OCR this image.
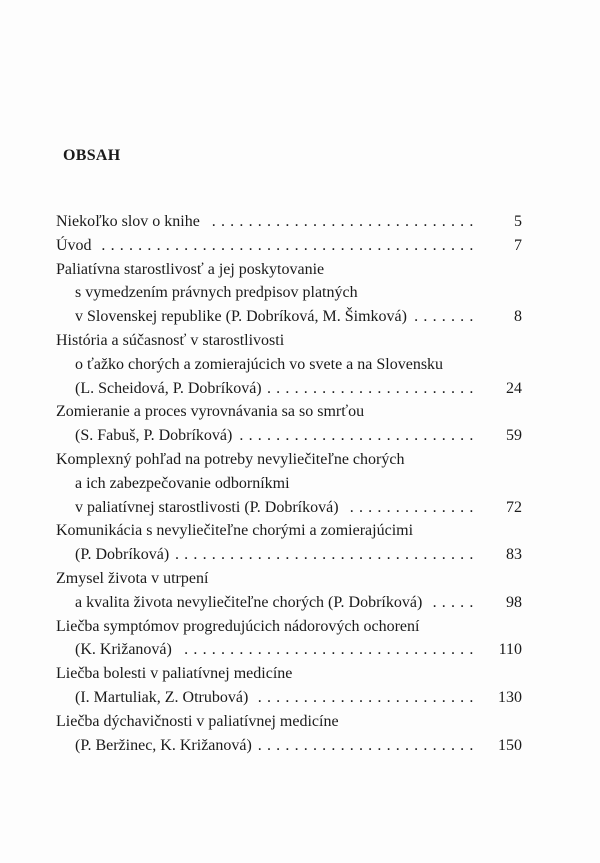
OBSAH
Niekoľko slov o knihe . . .	5
Úvod . . .	7
Paliatívna starostlivosť a jej poskytovanie
s vymedzením právnych predpisov platných
v Slovenskej republike (P. Dobríková, M. Šimková) . . .	8
História a súčasnosť v starostlivosti
o ťažko chorých a zomierajúcich vo svete a na Slovensku
(L. Scheidová, P. Dobríková) . . .	24
Zomieranie a proces vyrovnávania sa so smrťou
(S. Fabuš, P. Dobríková) . . .	59
Komplexný pohľad na potreby nevyliečiteľne chorých
a ich zabezpečovanie odborníkmi
v paliatívnej starostlivosti (P. Dobríková) . . .	72
Komunikácia s nevyliečiteľne chorými a zomierajúcimi
(P. Dobríková) . . .	83
Zmysel života v utrpení
a kvalita života nevyliečiteľne chorých (P. Dobríková) . . .	98
Liečba symptómov progredujúcich nádorových ochorení
(K. Križanová) . . .	110
Liečba bolesti v paliatívnej medicíne
(I. Martuliak, Z. Otrubová) . . .	130
Liečba dýchavičnosti v paliatívnej medicíne
(P. Beržinec, K. Križanová) . . .	150
